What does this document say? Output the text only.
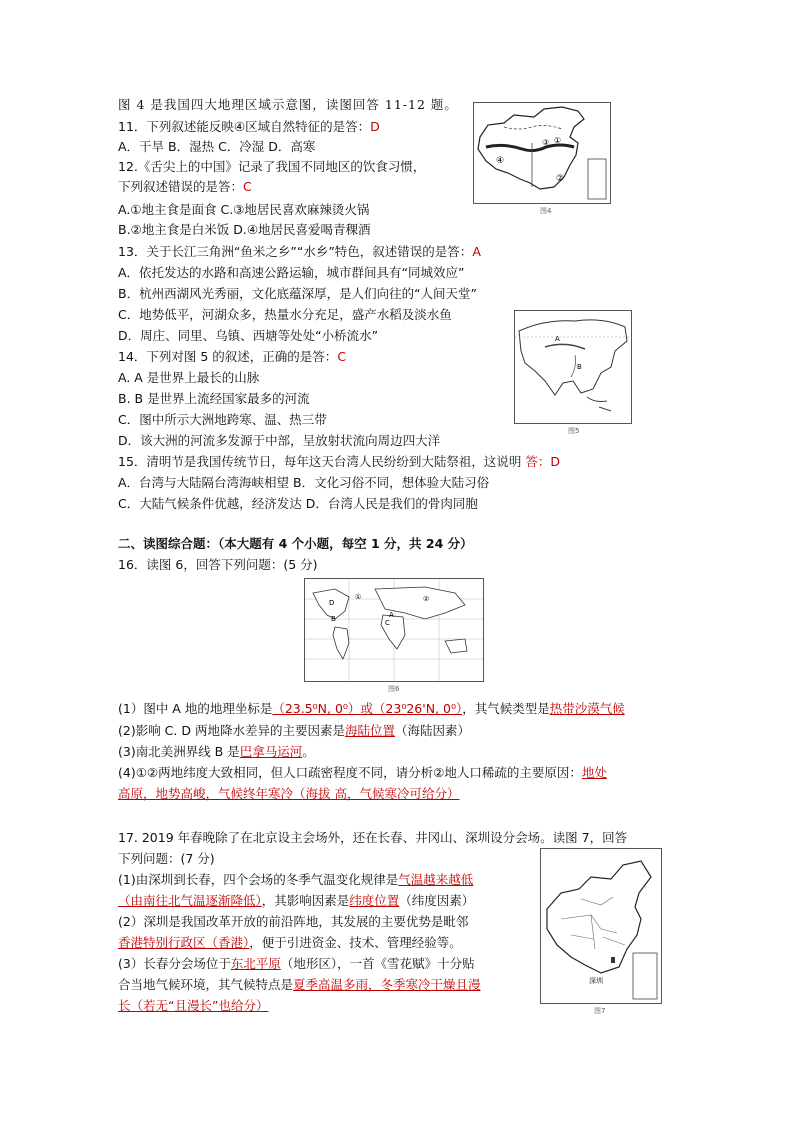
图 4 是我国四大地理区域示意图，读图回答 11-12 题。
11．下列叙述能反映④区域自然特征的是答：D
A．干旱 B．湿热 C．冷湿 D．高寒
12.《舌尖上的中国》记录了我国不同地区的饮食习惯，
下列叙述错误的是答：C
A.①地主食是面食 C.③地居民喜欢麻辣烫火锅
B.②地主食是白米饭 D.④地居民喜爱喝青稞酒
13．关于长江三角洲“鱼米之乡”“水乡”特色，叙述错误的是答：A
A．依托发达的水路和高速公路运输，城市群间具有“同城效应”
B．杭州西湖风光秀丽，文化底蕴深厚，是人们向往的“人间天堂”
C．地势低平，河湖众多，热量水分充足，盛产水稻及淡水鱼
D．周庄、同里、乌镇、西塘等处处“小桥流水”
14．下列对图 5 的叙述，正确的是答：C
A. A 是世界上最长的山脉
B. B 是世界上流经国家最多的河流
C．图中所示大洲地跨寒、温、热三带
D．该大洲的河流多发源于中部，呈放射状流向周边四大洋
15．清明节是我国传统节日，每年这天台湾人民纷纷到大陆祭祖，这说明 答：D
A．台湾与大陆隔台湾海峡相望 B．文化习俗不同，想体验大陆习俗
C．大陆气候条件优越，经济发达 D．台湾人民是我们的骨肉同胞
二、读图综合题：（本大题有 4 个小题，每空 1 分，共 24 分）
16．读图 6，回答下列问题：(5 分)
(1）图中 A 地的地理坐标是（23.5⁰N, 0⁰）或（23⁰26'N, 0⁰），其气候类型是热带沙漠气候
(2)影响 C. D 两地降水差异的主要因素是海陆位置（海陆因素）
(3)南北美洲界线 B 是巴拿马运河。
(4)①②两地纬度大致相同，但人口疏密程度不同，请分析②地人口稀疏的主要原因：地处
高原，地势高峻，气候终年寒冷（海拔 高，气候寒冷可给分）
17. 2019 年春晚除了在北京设主会场外，还在长春、井冈山、深圳设分会场。读图 7，回答
下列问题：(7 分)
(1)由深圳到长春，四个会场的冬季气温变化规律是气温越来越低
（由南往北气温逐渐降低），其影响因素是纬度位置（纬度因素）
(2）深圳是我国改革开放的前沿阵地，其发展的主要优势是毗邻
香港特别行政区（香港），便于引进资金、技术、管理经验等。
(3）长春分会场位于东北平原（地形区），一首《雪花赋》十分贴
合当地气候环境，其气候特点是夏季高温多雨，冬季寒冷干燥且漫
长（若无“且漫长”也给分）
④
③ ①
②
图4
A
B
图5
D
B	A
C
①	②
图6
深圳
图7
